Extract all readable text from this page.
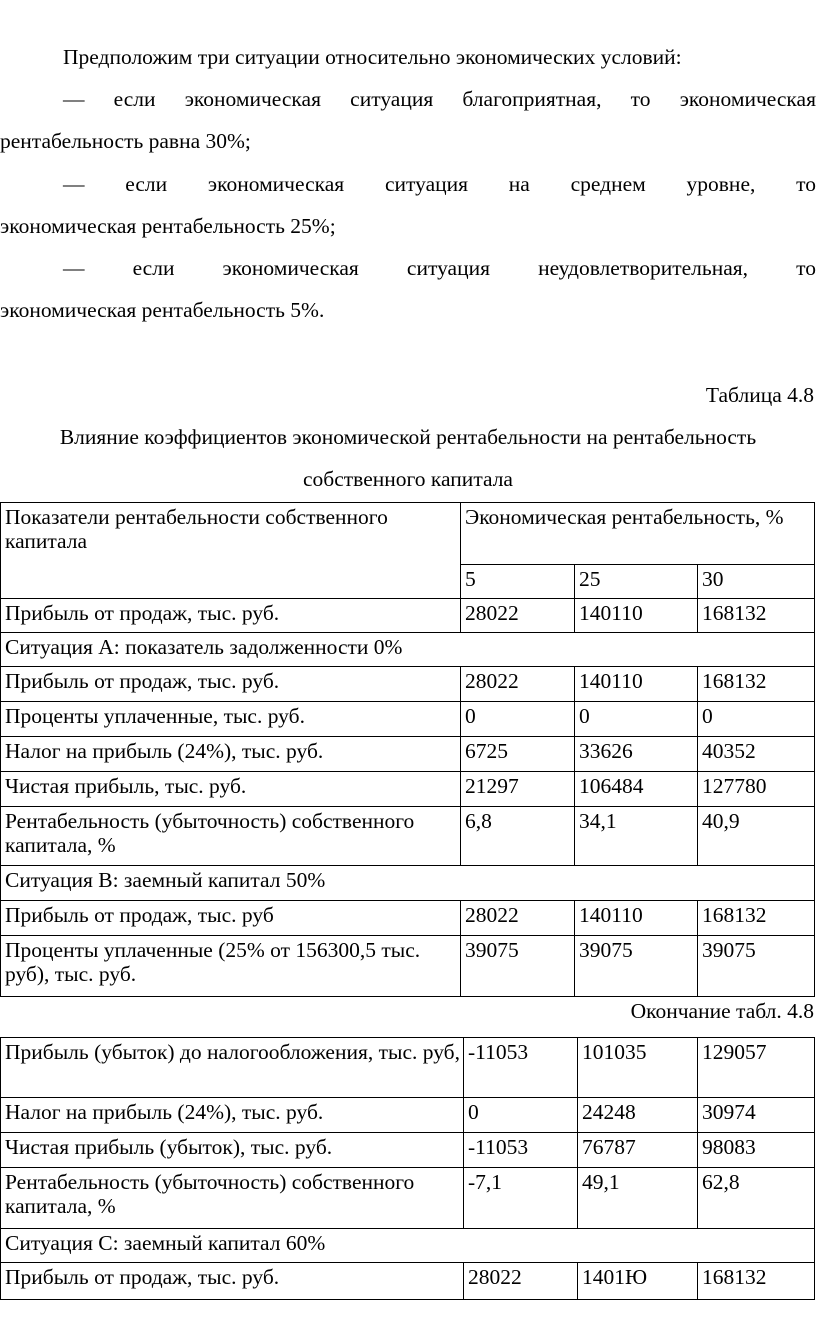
Предположим три ситуации относительно экономических условий:
— если экономическая ситуация благоприятная, то экономическая
рентабельность равна 30%;
— если экономическая ситуация на среднем уровне, то
экономическая рентабельность 25%;
— если экономическая ситуация неудовлетворительная, то
экономическая рентабельность 5%.
Таблица 4.8
Влияние коэффициентов экономической рентабельности на рентабельность
собственного капитала
Показатели рентабельности собственного капитала	Экономическая рентабельность, %		
	5	25	30
Прибыль от продаж, тыс. руб.	28022	140110	168132
Ситуация А: показатель задолженности 0%			
Прибыль от продаж, тыс. руб.	28022	140110	168132
Проценты уплаченные, тыс. руб.	0	0	0
Налог на прибыль (24%), тыс. руб.	6725	33626	40352
Чистая прибыль, тыс. руб.	21297	106484	127780
Рентабельность (убыточность) собственного капитала, %	6,8	34,1	40,9
Ситуация В: заемный капитал 50%			
Прибыль от продаж, тыс. руб	28022	140110	168132
Проценты уплаченные (25% от 156300,5 тыс. руб), тыс. руб.	39075	39075	39075
Окончание табл. 4.8
Прибыль (убыток) до налогообложения, тыс. руб,	-11053	101035	129057
Налог на прибыль (24%), тыс. руб.	0	24248	30974
Чистая прибыль (убыток), тыс. руб.	-11053	76787	98083
Рентабельность (убыточность) собственного капитала, %	-7,1	49,1	62,8
Ситуация С: заемный капитал 60%			
Прибыль от продаж, тыс. руб.	28022	1401Ю	168132
